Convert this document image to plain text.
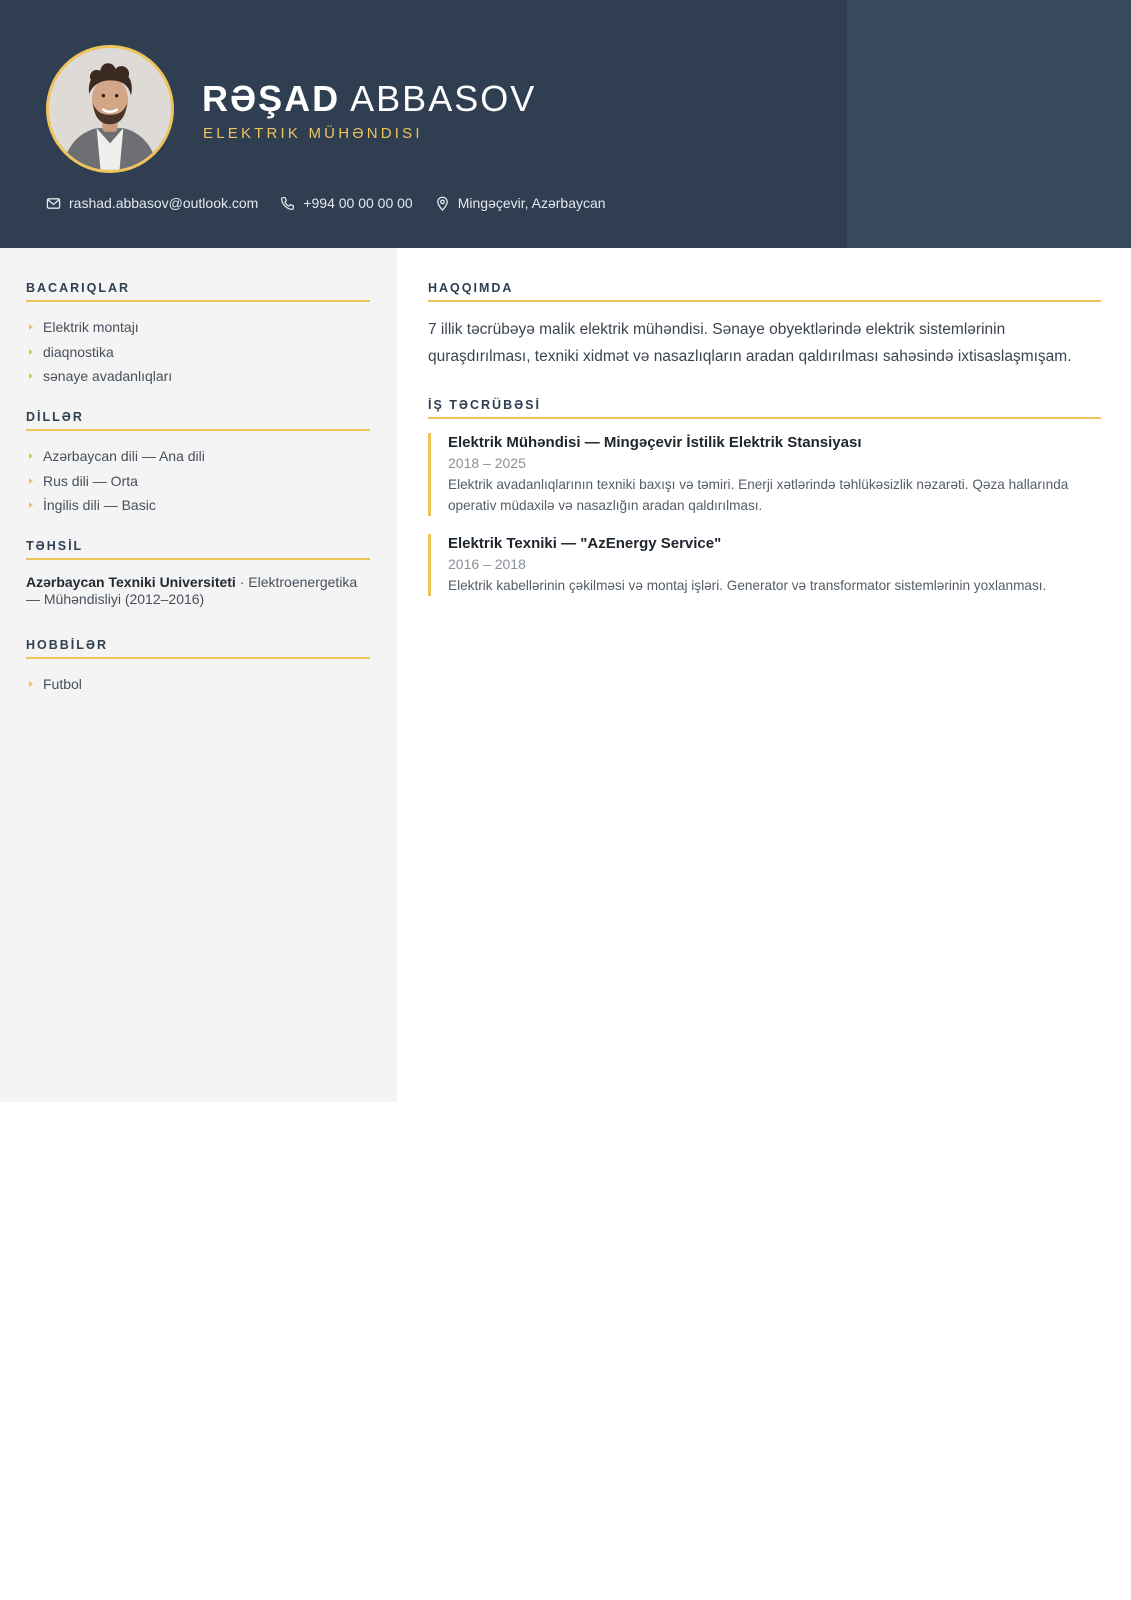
RƏŞAD ABBASOV
ELEKTRIK MÜHƏNDISI
rashad.abbasov@outlook.com	+994 00 00 00 00	Mingəçevir, Azərbaycan
BACARIQLAR
Elektrik montajı
diaqnostika
sənaye avadanlıqları
DİLLƏR
Azərbaycan dili — Ana dili
Rus dili — Orta
İngilis dili — Basic
TƏHSİL
Azərbaycan Texniki Universiteti · Elektroenergetika — Mühəndisliyi (2012–2016)
HOBBİLƏR
Futbol
HAQQIMDA

7 illik təcrübəyə malik elektrik mühəndisi. Sənaye obyektlərində elektrik sistemlərinin quraşdırılması, texniki xidmət və nasazlıqların aradan qaldırılması sahəsində ixtisaslaşmışam.

İŞ TƏCRÜBƏSİ
Elektrik Mühəndisi — Mingəçevir İstilik Elektrik Stansiyası
2018 – 2025
Elektrik avadanlıqlarının texniki baxışı və təmiri. Enerji xətlərində təhlükəsizlik nəzarəti. Qəza hallarında operativ müdaxilə və nasazlığın aradan qaldırılması.
Elektrik Texniki — "AzEnergy Service"
2016 – 2018
Elektrik kabellərinin çəkilməsi və montaj işləri. Generator və transformator sistemlərinin yoxlanması.
